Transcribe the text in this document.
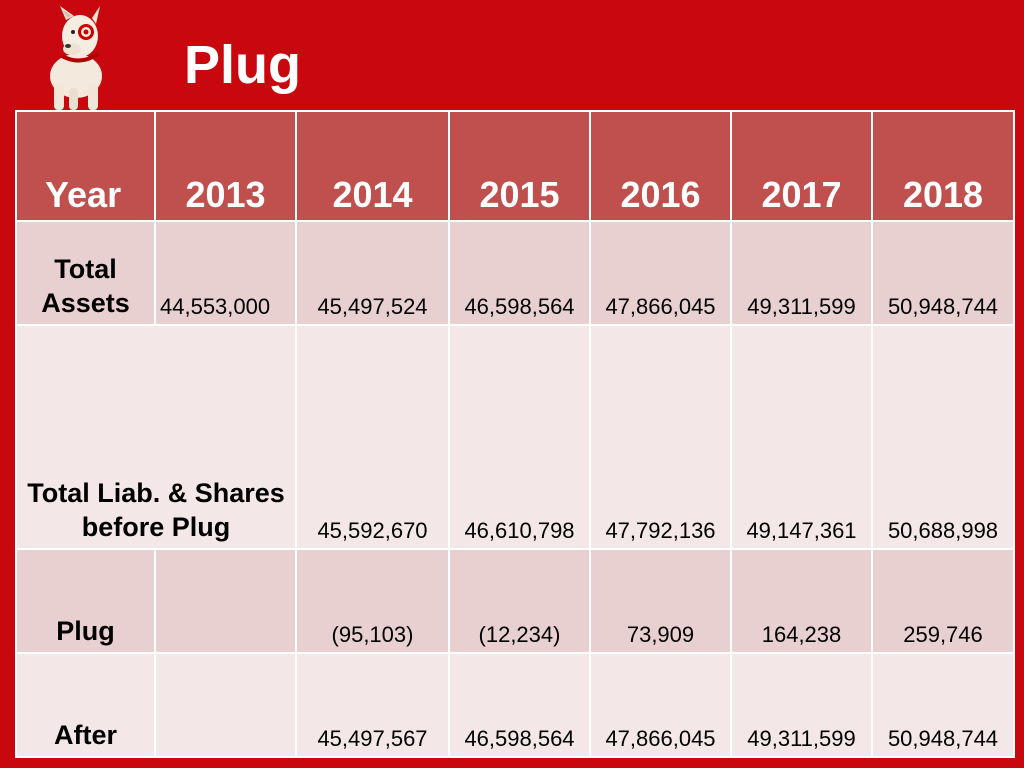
Plug
Year	2013	2014	2015	2016	2017	2018
Total Assets	44,553,000	45,497,524	46,598,564	47,866,045	49,311,599	50,948,744
Total Liab. & Shares before Plug		45,592,670	46,610,798	47,792,136	49,147,361	50,688,998
Plug		(95,103)	(12,234)	73,909	164,238	259,746
After		45,497,567	46,598,564	47,866,045	49,311,599	50,948,744
